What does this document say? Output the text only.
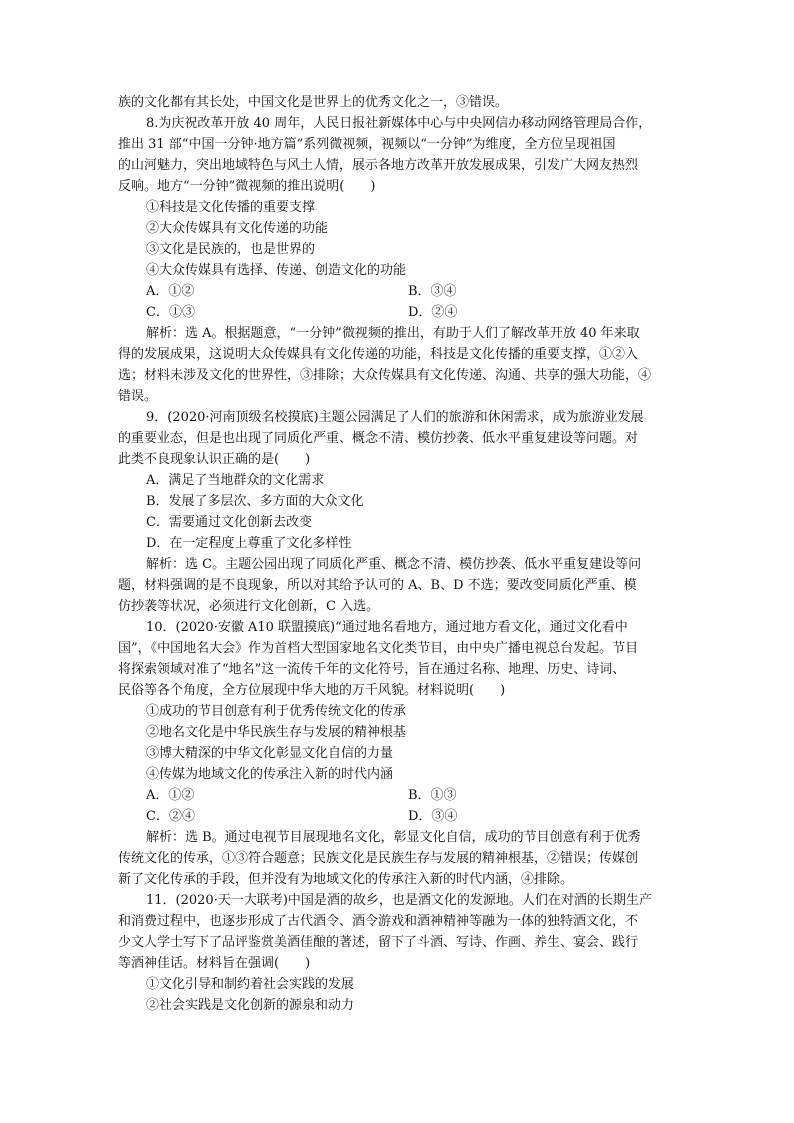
族的文化都有其长处，中国文化是世界上的优秀文化之一，③错误。
8.为庆祝改革开放 40 周年，人民日报社新媒体中心与中央网信办移动网络管理局合作，
推出 31 部“中国一分钟·地方篇”系列微视频，视频以“一分钟”为维度，全方位呈现祖国
的山河魅力，突出地域特色与风土人情，展示各地方改革开放发展成果，引发广大网友热烈
反响。地方“一分钟”微视频的推出说明(　　)
①科技是文化传播的重要支撑
②大众传媒具有文化传递的功能
③文化是民族的，也是世界的
④大众传媒具有选择、传递、创造文化的功能
A．①②	B．③④
C．①③	D．②④
解析：选 A。根据题意，“一分钟”微视频的推出，有助于人们了解改革开放 40 年来取
得的发展成果，这说明大众传媒具有文化传递的功能，科技是文化传播的重要支撑，①②入
选；材料未涉及文化的世界性，③排除；大众传媒具有文化传递、沟通、共享的强大功能，④
错误。
9．(2020·河南顶级名校摸底)主题公园满足了人们的旅游和休闲需求，成为旅游业发展
的重要业态，但是也出现了同质化严重、概念不清、模仿抄袭、低水平重复建设等问题。对
此类不良现象认识正确的是(　　)
A．满足了当地群众的文化需求
B．发展了多层次、多方面的大众文化
C．需要通过文化创新去改变
D．在一定程度上尊重了文化多样性
解析：选 C。主题公园出现了同质化严重、概念不清、模仿抄袭、低水平重复建设等问
题，材料强调的是不良现象，所以对其给予认可的 A、B、D 不选；要改变同质化严重、模
仿抄袭等状况，必须进行文化创新，C 入选。
10．(2020·安徽 A10 联盟摸底)“通过地名看地方，通过地方看文化，通过文化看中
国”，《中国地名大会》作为首档大型国家地名文化类节目，由中央广播电视总台发起。节目
将探索领域对准了“地名”这一流传千年的文化符号，旨在通过名称、地理、历史、诗词、
民俗等各个角度，全方位展现中华大地的万千风貌。材料说明(　　)
①成功的节目创意有利于优秀传统文化的传承
②地名文化是中华民族生存与发展的精神根基
③博大精深的中华文化彰显文化自信的力量
④传媒为地域文化的传承注入新的时代内涵
A．①②	B．①③
C．②④	D．③④
解析：选 B。通过电视节目展现地名文化，彰显文化自信，成功的节目创意有利于优秀
传统文化的传承，①③符合题意；民族文化是民族生存与发展的精神根基，②错误；传媒创
新了文化传承的手段，但并没有为地域文化的传承注入新的时代内涵，④排除。
11．(2020·天一大联考)中国是酒的故乡，也是酒文化的发源地。人们在对酒的长期生产
和消费过程中，也逐步形成了古代酒令、酒令游戏和酒神精神等融为一体的独特酒文化，不
少文人学士写下了品评鉴赏美酒佳酿的著述，留下了斗酒、写诗、作画、养生、宴会、践行
等酒神佳话。材料旨在强调(　　)
①文化引导和制约着社会实践的发展
②社会实践是文化创新的源泉和动力
